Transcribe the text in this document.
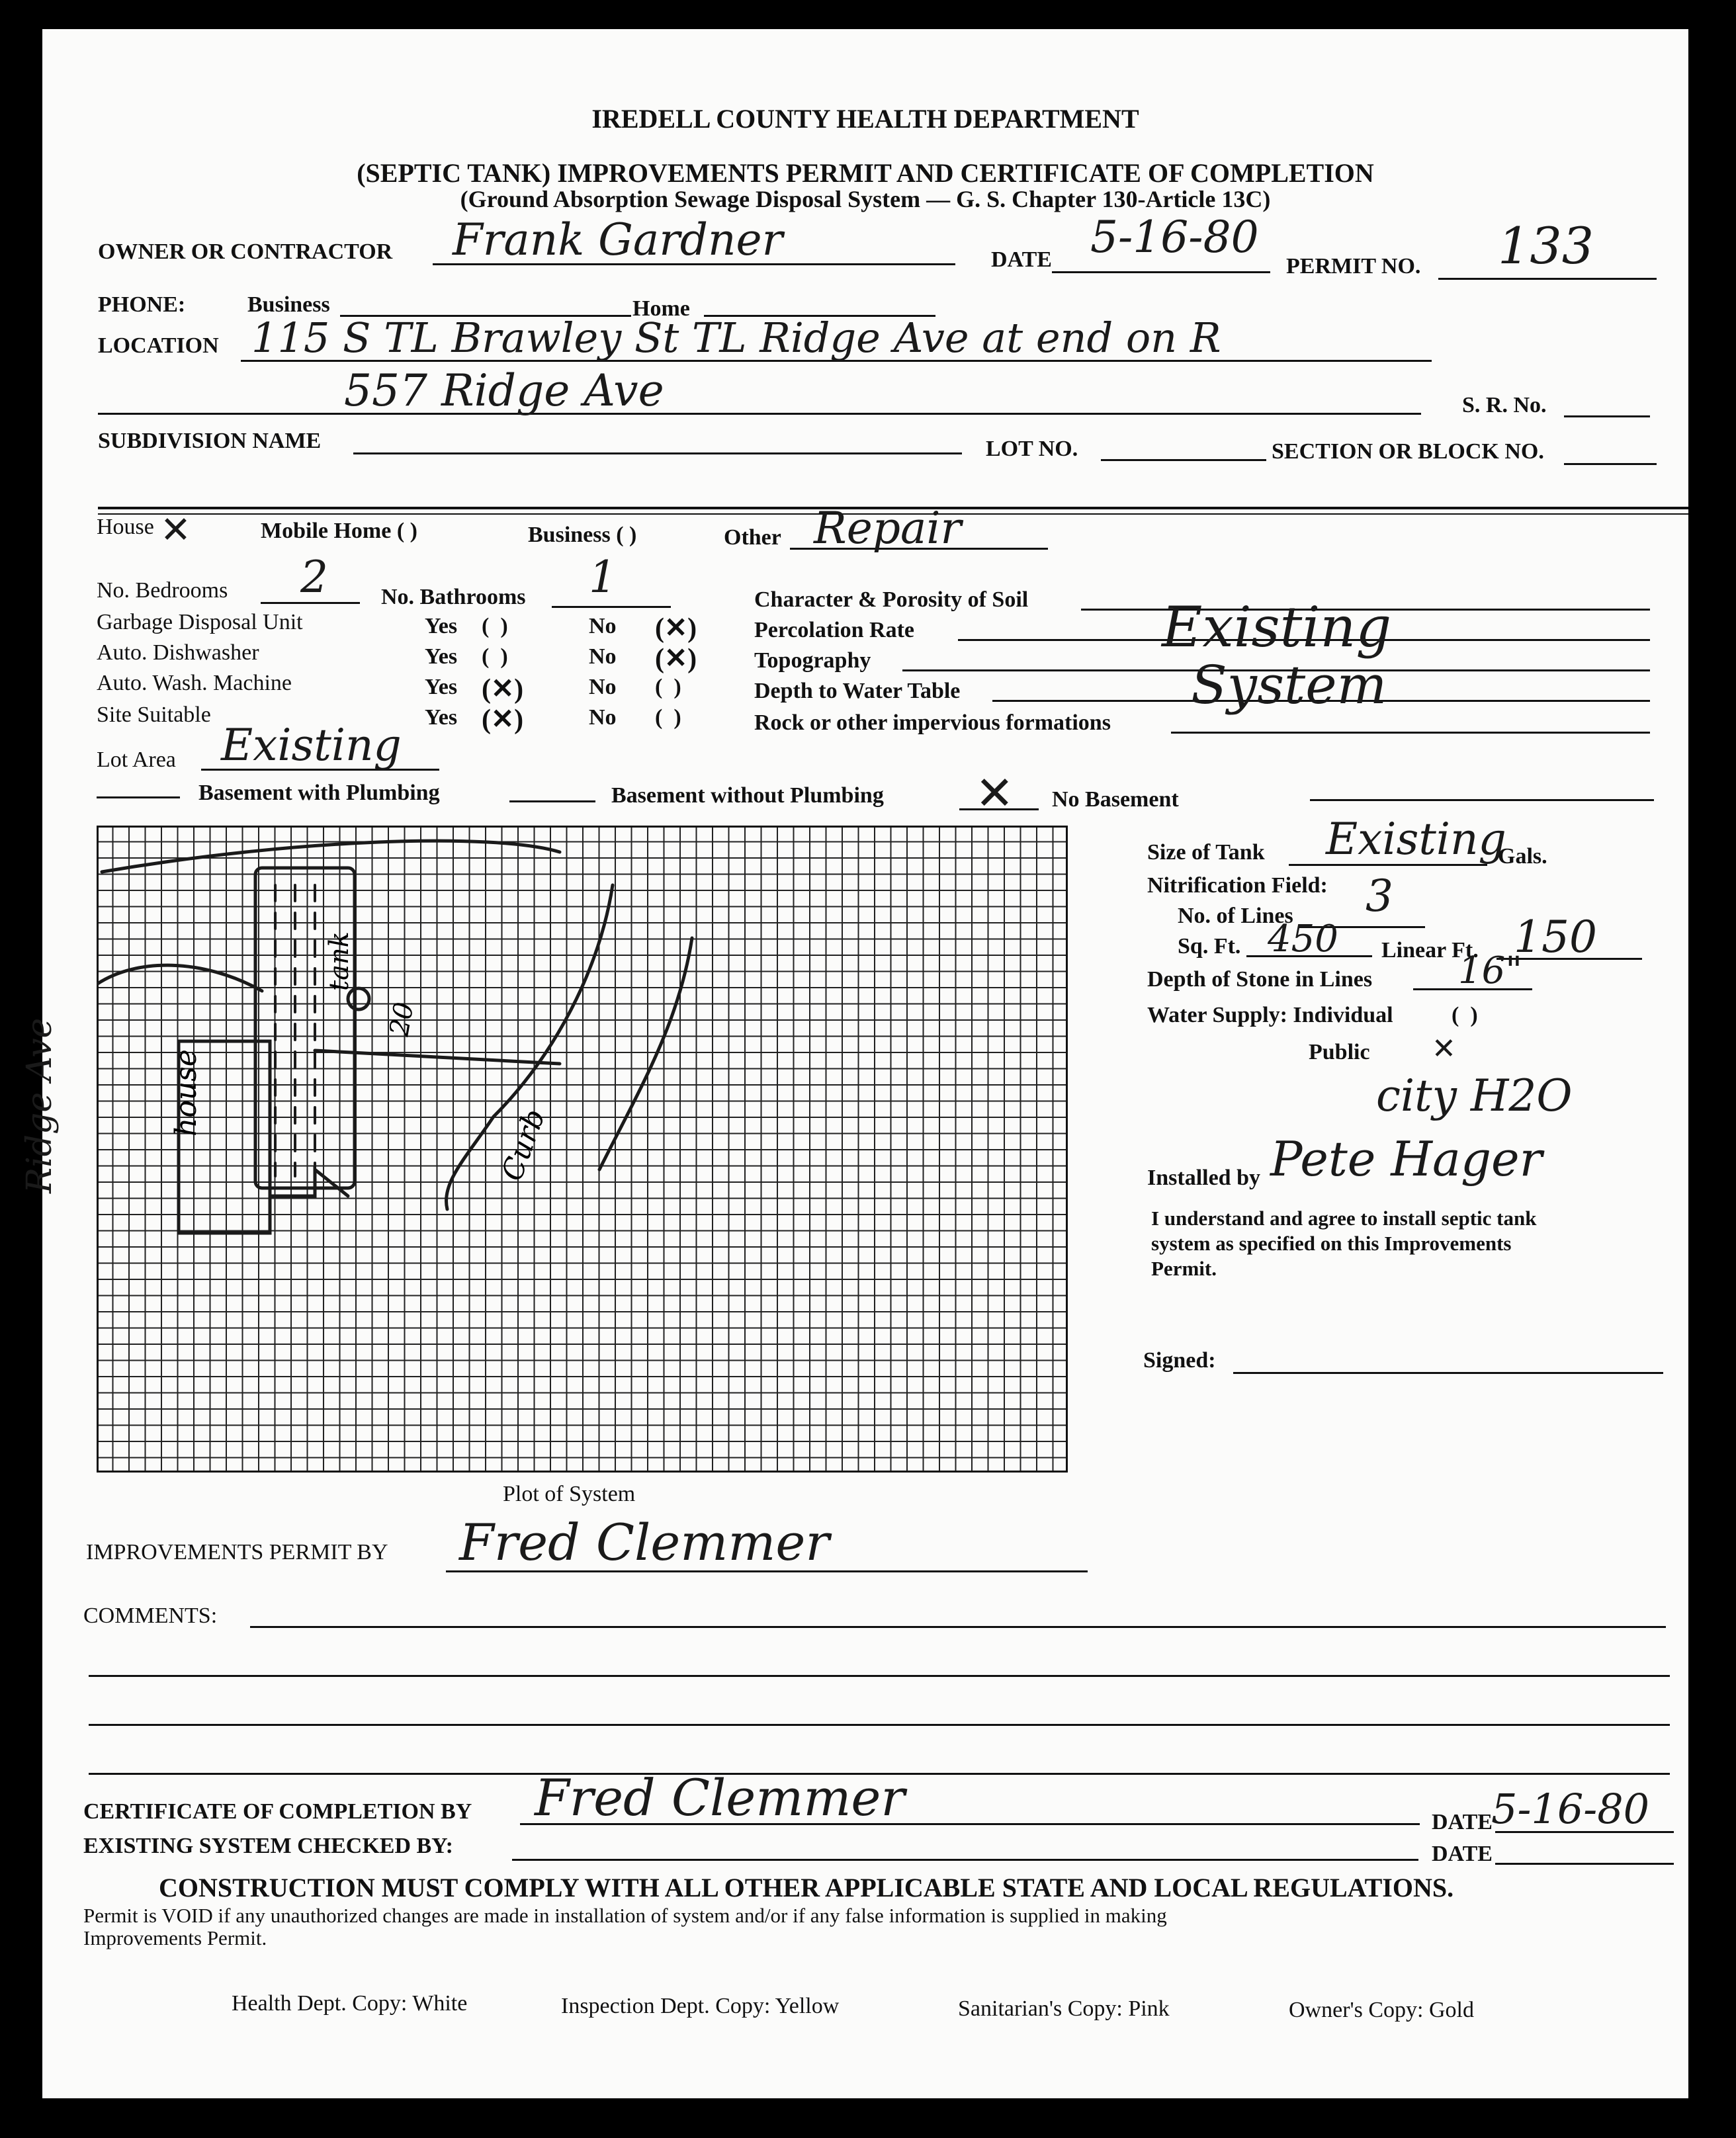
IREDELL COUNTY HEALTH DEPARTMENT
(SEPTIC TANK) IMPROVEMENTS PERMIT AND CERTIFICATE OF COMPLETION
(Ground Absorption Sewage Disposal System — G. S. Chapter 130-Article 13C)
OWNER OR CONTRACTOR Frank Gardner	DATE 5-16-80
PERMIT NO. 133
PHONE:	Business	Home
LOCATION 115 S TL Brawley St TL Ridge Ave at end on R
557 Ridge Ave	S. R. No.
SUBDIVISION NAME	LOT NO.	SECTION OR BLOCK NO.
House ✕	Mobile Home ( )	Business ( )	Other Repair
No. Bedrooms 2 No. Bathrooms 1
Garbage Disposal Unit	Yes (  )	No (✕)
Auto. Dishwasher	Yes (  )	No (✕)
Auto. Wash. Machine	Yes (✕)	No (  )
Site Suitable	Yes (✕)	No (  )
Lot Area Existing
Character & Porosity of Soil
Percolation Rate
Topography
Depth to Water Table
Rock or other impervious formations
Existing
System
Basement with Plumbing	Basement without Plumbing ✕ No Basement
house
Curb
tank
20
Ridge Ave
Plot of System
Size of Tank Existing
Gals.
Nitrification Field:
No. of Lines 3
Sq. Ft. 450 Linear Ft. 150
Depth of Stone in Lines 16"
Water Supply: Individual	(  )
Public ✕
city H2O
Installed by Pete Hager
I understand and agree to install septic tank
system as specified on this Improvements
Permit.
Signed:
IMPROVEMENTS PERMIT BY Fred Clemmer
COMMENTS:
CERTIFICATE OF COMPLETION BY Fred Clemmer	DATE
5-16-80
EXISTING SYSTEM CHECKED BY:	DATE
CONSTRUCTION MUST COMPLY WITH ALL OTHER APPLICABLE STATE AND LOCAL REGULATIONS.
Permit is VOID if any unauthorized changes are made in installation of system and/or if any false information is supplied in making
Improvements Permit.
Health Dept. Copy: White	Inspection Dept. Copy: Yellow	Sanitarian's Copy: Pink	Owner's Copy: Gold
